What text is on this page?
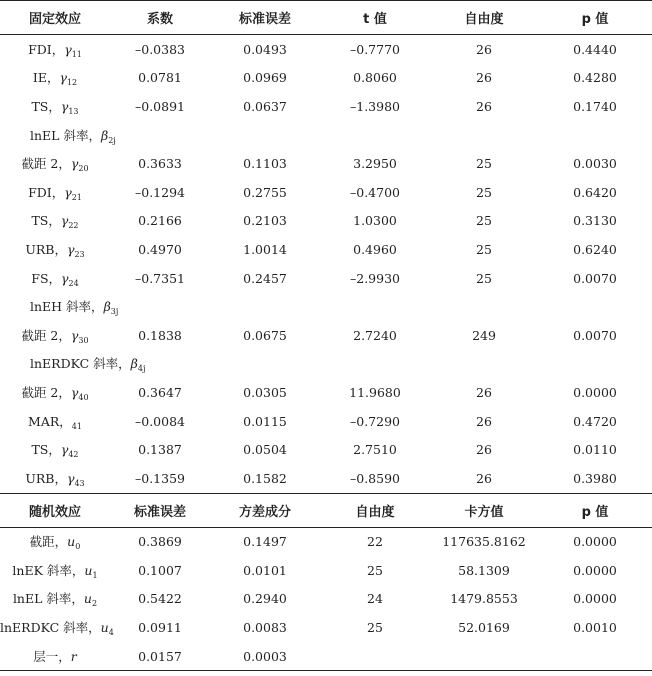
固定效应	系数	标准误差	t 值	自由度	p 值
FDI，$\gamma_{11}$	–0.0383	0.0493	–0.7770	26	0.4440
IE，$\gamma_{12}$	0.0781	0.0969	0.8060	26	0.4280
TS，$\gamma_{13}$	–0.0891	0.0637	–1.3980	26	0.1740
lnEL 斜率，$\beta_{2j}$					
截距 2，$\gamma_{20}$	0.3633	0.1103	3.2950	25	0.0030
FDI，$\gamma_{21}$	–0.1294	0.2755	–0.4700	25	0.6420
TS，$\gamma_{22}$	0.2166	0.2103	1.0300	25	0.3130
URB，$\gamma_{23}$	0.4970	1.0014	0.4960	25	0.6240
FS，$\gamma_{24}$	–0.7351	0.2457	–2.9930	25	0.0070
lnEH 斜率，$\beta_{3j}$					
截距 2，$\gamma_{30}$	0.1838	0.0675	2.7240	249	0.0070
lnERDKC 斜率，$\beta_{4j}$					
截距 2，$\gamma_{40}$	0.3647	0.0305	11.9680	26	0.0000
MAR，$_{41}$	–0.0084	0.0115	–0.7290	26	0.4720
TS，$\gamma_{42}$	0.1387	0.0504	2.7510	26	0.0110
URB，$\gamma_{43}$	–0.1359	0.1582	–0.8590	26	0.3980
随机效应	标准误差	方差成分	自由度	卡方值	p 值
截距，$u_0$	0.3869	0.1497	22	117635.8162	0.0000
lnEK 斜率，$u_1$	0.1007	0.0101	25	58.1309	0.0000
lnEL 斜率，$u_2$	0.5422	0.2940	24	1479.8553	0.0000
lnERDKC 斜率，$u_4$	0.0911	0.0083	25	52.0169	0.0010
层一，r	0.0157	0.0003			
